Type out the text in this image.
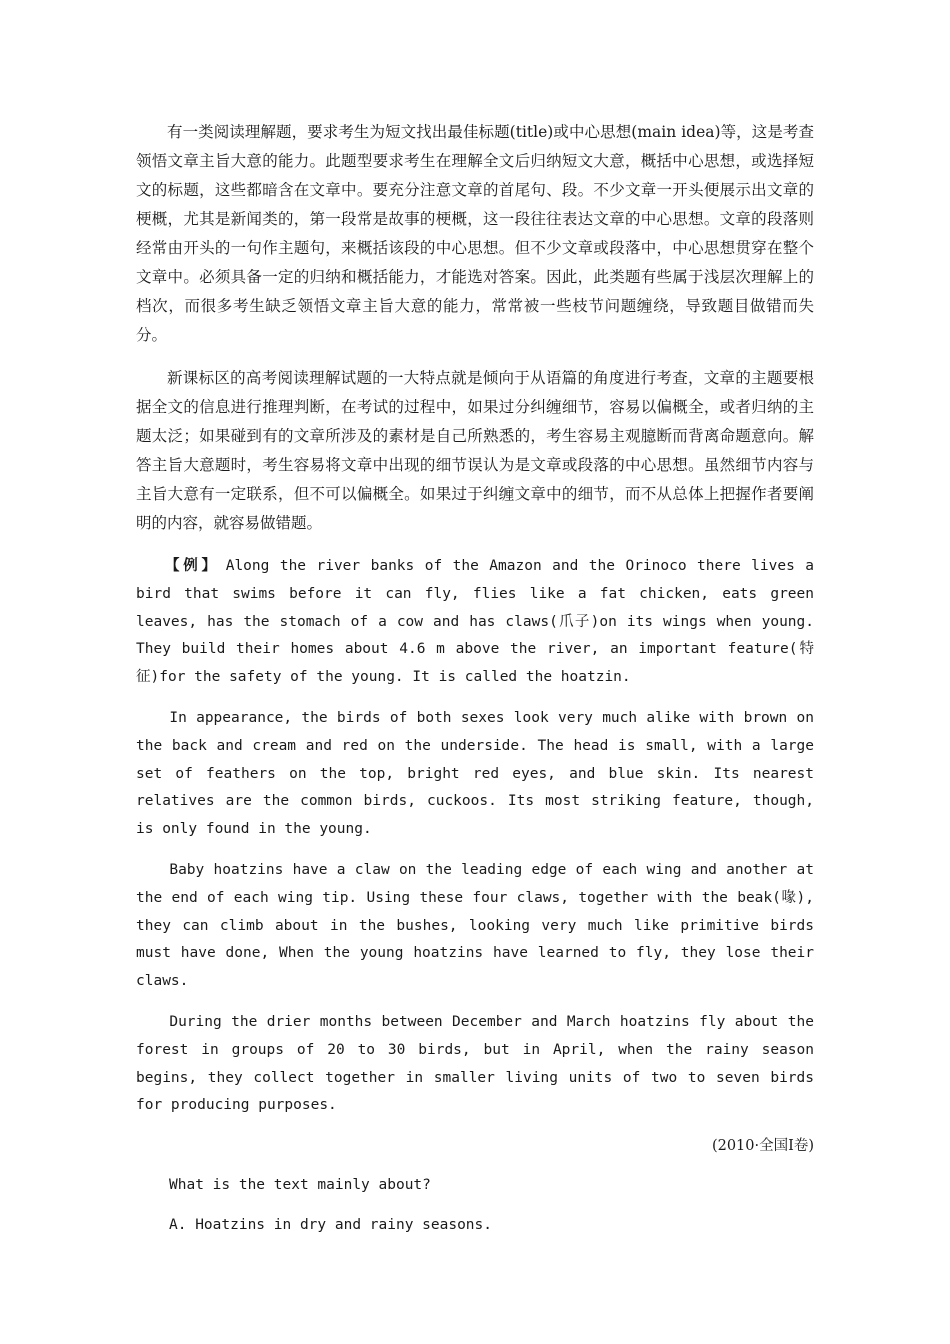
有一类阅读理解题，要求考生为短文找出最佳标题(title)或中心思想(main idea)等，这是考查领悟文章主旨大意的能力。此题型要求考生在理解全文后归纳短文大意，概括中心思想，或选择短文的标题，这些都暗含在文章中。要充分注意文章的首尾句、段。不少文章一开头便展示出文章的梗概，尤其是新闻类的，第一段常是故事的梗概，这一段往往表达文章的中心思想。文章的段落则经常由开头的一句作主题句，来概括该段的中心思想。但不少文章或段落中，中心思想贯穿在整个文章中。必须具备一定的归纳和概括能力，才能选对答案。因此，此类题有些属于浅层次理解上的档次，而很多考生缺乏领悟文章主旨大意的能力，常常被一些枝节问题缠绕，导致题目做错而失分。

新课标区的高考阅读理解试题的一大特点就是倾向于从语篇的角度进行考查，文章的主题要根据全文的信息进行推理判断，在考试的过程中，如果过分纠缠细节，容易以偏概全，或者归纳的主题太泛；如果碰到有的文章所涉及的素材是自己所熟悉的，考生容易主观臆断而背离命题意向。解答主旨大意题时，考生容易将文章中出现的细节误认为是文章或段落的中心思想。虽然细节内容与主旨大意有一定联系，但不可以偏概全。如果过于纠缠文章中的细节，而不从总体上把握作者要阐明的内容，就容易做错题。

【例】 Along the river banks of the Amazon and the Orinoco there lives a bird that swims before it can fly, flies like a fat chicken, eats green leaves, has the stomach of a cow and has claws(爪子)on its wings when young. They build their homes about 4.6 m above the river, an important feature(特征)for the safety of the young. It is called the hoatzin.

In appearance, the birds of both sexes look very much alike with brown on the back and cream and red on the underside. The head is small, with a large set of feathers on the top, bright red eyes, and blue skin. Its nearest relatives are the common birds, cuckoos. Its most striking feature, though, is only found in the young.

Baby hoatzins have a claw on the leading edge of each wing and another at the end of each wing tip. Using these four claws, together with the beak(喙), they can climb about in the bushes, looking very much like primitive birds must have done, When the young hoatzins have learned to fly, they lose their claws.

During the drier months between December and March hoatzins fly about the forest in groups of 20 to 30 birds, but in April, when the rainy season begins, they collect together in smaller living units of two to seven birds for producing purposes.

(2010·全国Ⅰ卷)

What is the text mainly about?

A. Hoatzins in dry and rainy seasons.
